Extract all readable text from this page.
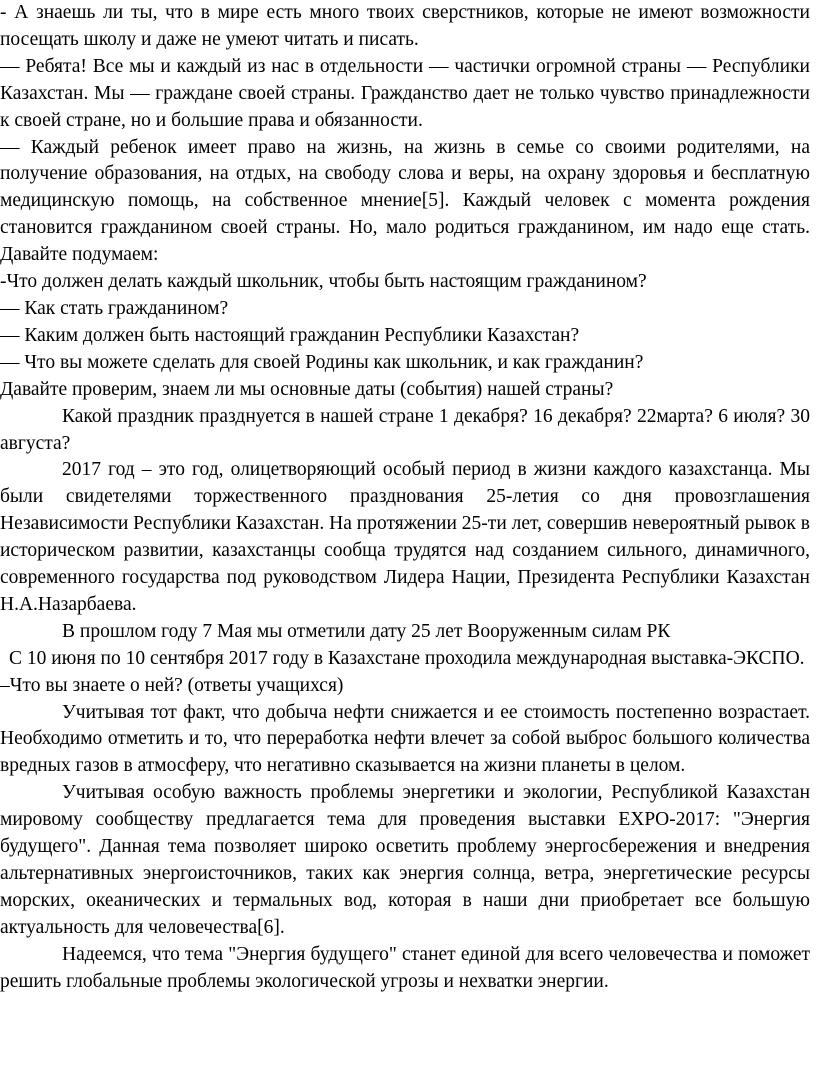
- А знаешь ли ты, что в мире есть много твоих сверстников, которые не имеют возможности посещать школу и даже не умеют читать и писать.

— Ребята! Все мы и каждый из нас в отдельности — частички огромной страны — Республики Казахстан. Мы — граждане своей страны. Гражданство дает не только чувство принадлежности к своей стране, но и большие права и обязанности.

— Каждый ребенок имеет право на жизнь, на жизнь в семье со своими родителями, на получение образования, на отдых, на свободу слова и веры, на охрану здоровья и бесплатную медицинскую помощь, на собственное мнение[5]. Каждый человек с момента рождения становится гражданином своей страны. Но, мало родиться гражданином, им надо еще стать. Давайте подумаем:

-Что должен делать каждый школьник, чтобы быть настоящим гражданином?

— Как стать гражданином?

— Каким должен быть настоящий гражданин Республики Казахстан?

— Что вы можете сделать для своей Родины как школьник, и как гражданин?

Давайте проверим, знаем ли мы основные даты (события) нашей страны?

Какой праздник празднуется в нашей стране 1 декабря? 16 декабря? 22марта? 6 июля? 30 августа?

2017 год – это год, олицетворяющий особый период в жизни каждого казахстанца. Мы были свидетелями торжественного празднования 25-летия со дня провозглашения Независимости Республики Казахстан. На протяжении 25-ти лет, совершив невероятный рывок в историческом развитии, казахстанцы сообща трудятся над созданием сильного, динамичного, современного государства под руководством Лидера Нации, Президента Республики Казахстан Н.А.Назарбаева.

В прошлом году 7 Мая мы отметили дату 25 лет Вооруженным силам РК

С 10 июня по 10 сентября 2017 году в Казахстане проходила международная выставка-ЭКСПО.

–Что вы знаете о ней? (ответы учащихся)

Учитывая тот факт, что добыча нефти снижается и ее стоимость постепенно возрастает. Необходимо отметить и то, что переработка нефти влечет за собой выброс большого количества вредных газов в атмосферу, что негативно сказывается на жизни планеты в целом.

Учитывая особую важность проблемы энергетики и экологии, Республикой Казахстан мировому сообществу предлагается тема для проведения выставки EXPO-2017: "Энергия будущего". Данная тема позволяет широко осветить проблему энергосбережения и внедрения альтернативных энергоисточников, таких как энергия солнца, ветра, энергетические ресурсы морских, океанических и термальных вод, которая в наши дни приобретает все большую актуальность для человечества[6].

Надеемся, что тема "Энергия будущего" станет единой для всего человечества и поможет решить глобальные проблемы экологической угрозы и нехватки энергии.
